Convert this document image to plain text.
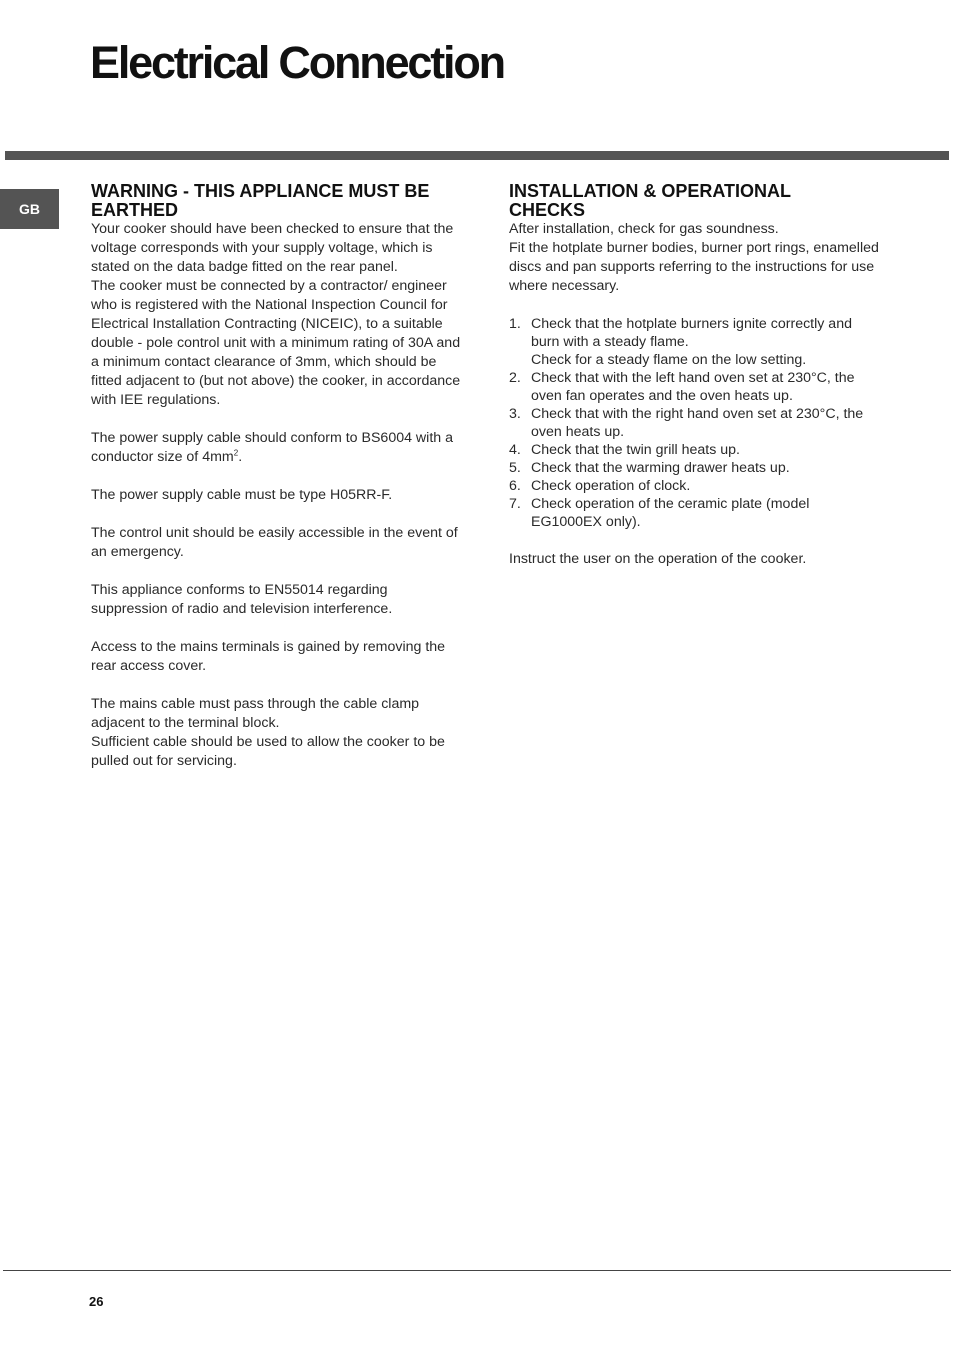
Electrical Connection
GB
WARNING - THIS APPLIANCE MUST BE
EARTHED

Your cooker should have been checked to ensure that the voltage corresponds with your supply voltage, which is stated on the data badge fitted on the rear panel.

The cooker must be connected by a contractor/ engineer who is registered with the National Inspection Council for Electrical Installation Contracting (NICEIC), to a suitable double - pole control unit with a minimum rating of 30A and a minimum contact clearance of 3mm, which should be fitted adjacent to (but not above) the cooker, in accordance with IEE regulations.

The power supply cable should conform to BS6004 with a conductor size of $4mm^2$.

The power supply cable must be type H05RR-F.

The control unit should be easily accessible in the event of an emergency.

This appliance conforms to EN55014 regarding suppression of radio and television interference.

Access to the mains terminals is gained by removing the rear access cover.

The mains cable must pass through the cable clamp adjacent to the terminal block.

Sufficient cable should be used to allow the cooker to be pulled out for servicing.

INSTALLATION & OPERATIONAL
CHECKS

After installation, check for gas soundness.

Fit the hotplate burner bodies, burner port rings, enamelled discs and pan supports referring to the instructions for use where necessary.

1. Check that the hotplate burners ignite correctly and burn with a steady flame.
Check for a steady flame on the low setting.
2. Check that with the left hand oven set at 230°C, the oven fan operates and the oven heats up.
3. Check that with the right hand oven set at 230°C, the oven heats up.
4. Check that the twin grill heats up.
5. Check that the warming drawer heats up.
6. Check operation of clock.
7. Check operation of the ceramic plate (model EG1000EX only).

Instruct the user on the operation of the cooker.

26
